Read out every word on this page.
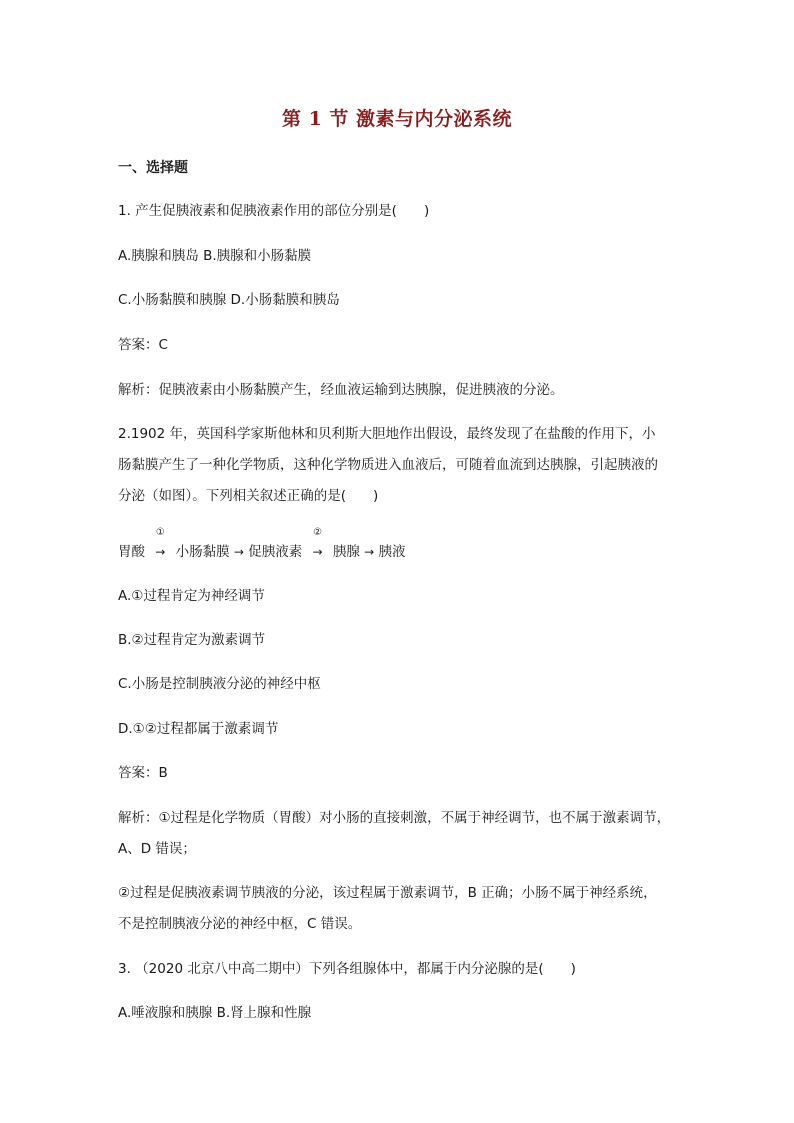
第 1 节 激素与内分泌系统
一、选择题
1. 产生促胰液素和促胰液素作用的部位分别是(　　)
A.胰腺和胰岛 B.胰腺和小肠黏膜
C.小肠黏膜和胰腺 D.小肠黏膜和胰岛
答案：C
解析：促胰液素由小肠黏膜产生，经血液运输到达胰腺，促进胰液的分泌。
2.1902 年，英国科学家斯他林和贝利斯大胆地作出假设，最终发现了在盐酸的作用下，小
肠黏膜产生了一种化学物质，这种化学物质进入血液后，可随着血流到达胰腺，引起胰液的
分泌（如图）。下列相关叙述正确的是(　　)
胃酸
①
→ 小肠黏膜 → 促胰液素
②
→ 胰腺 → 胰液
A.①过程肯定为神经调节
B.②过程肯定为激素调节
C.小肠是控制胰液分泌的神经中枢
D.①②过程都属于激素调节
答案：B
解析：①过程是化学物质（胃酸）对小肠的直接刺激，不属于神经调节，也不属于激素调节，
A、D 错误；
②过程是促胰液素调节胰液的分泌，该过程属于激素调节，B 正确；小肠不属于神经系统，
不是控制胰液分泌的神经中枢，C 错误。
3. （2020 北京八中高二期中）下列各组腺体中，都属于内分泌腺的是(　　)
A.唾液腺和胰腺 B.肾上腺和性腺
